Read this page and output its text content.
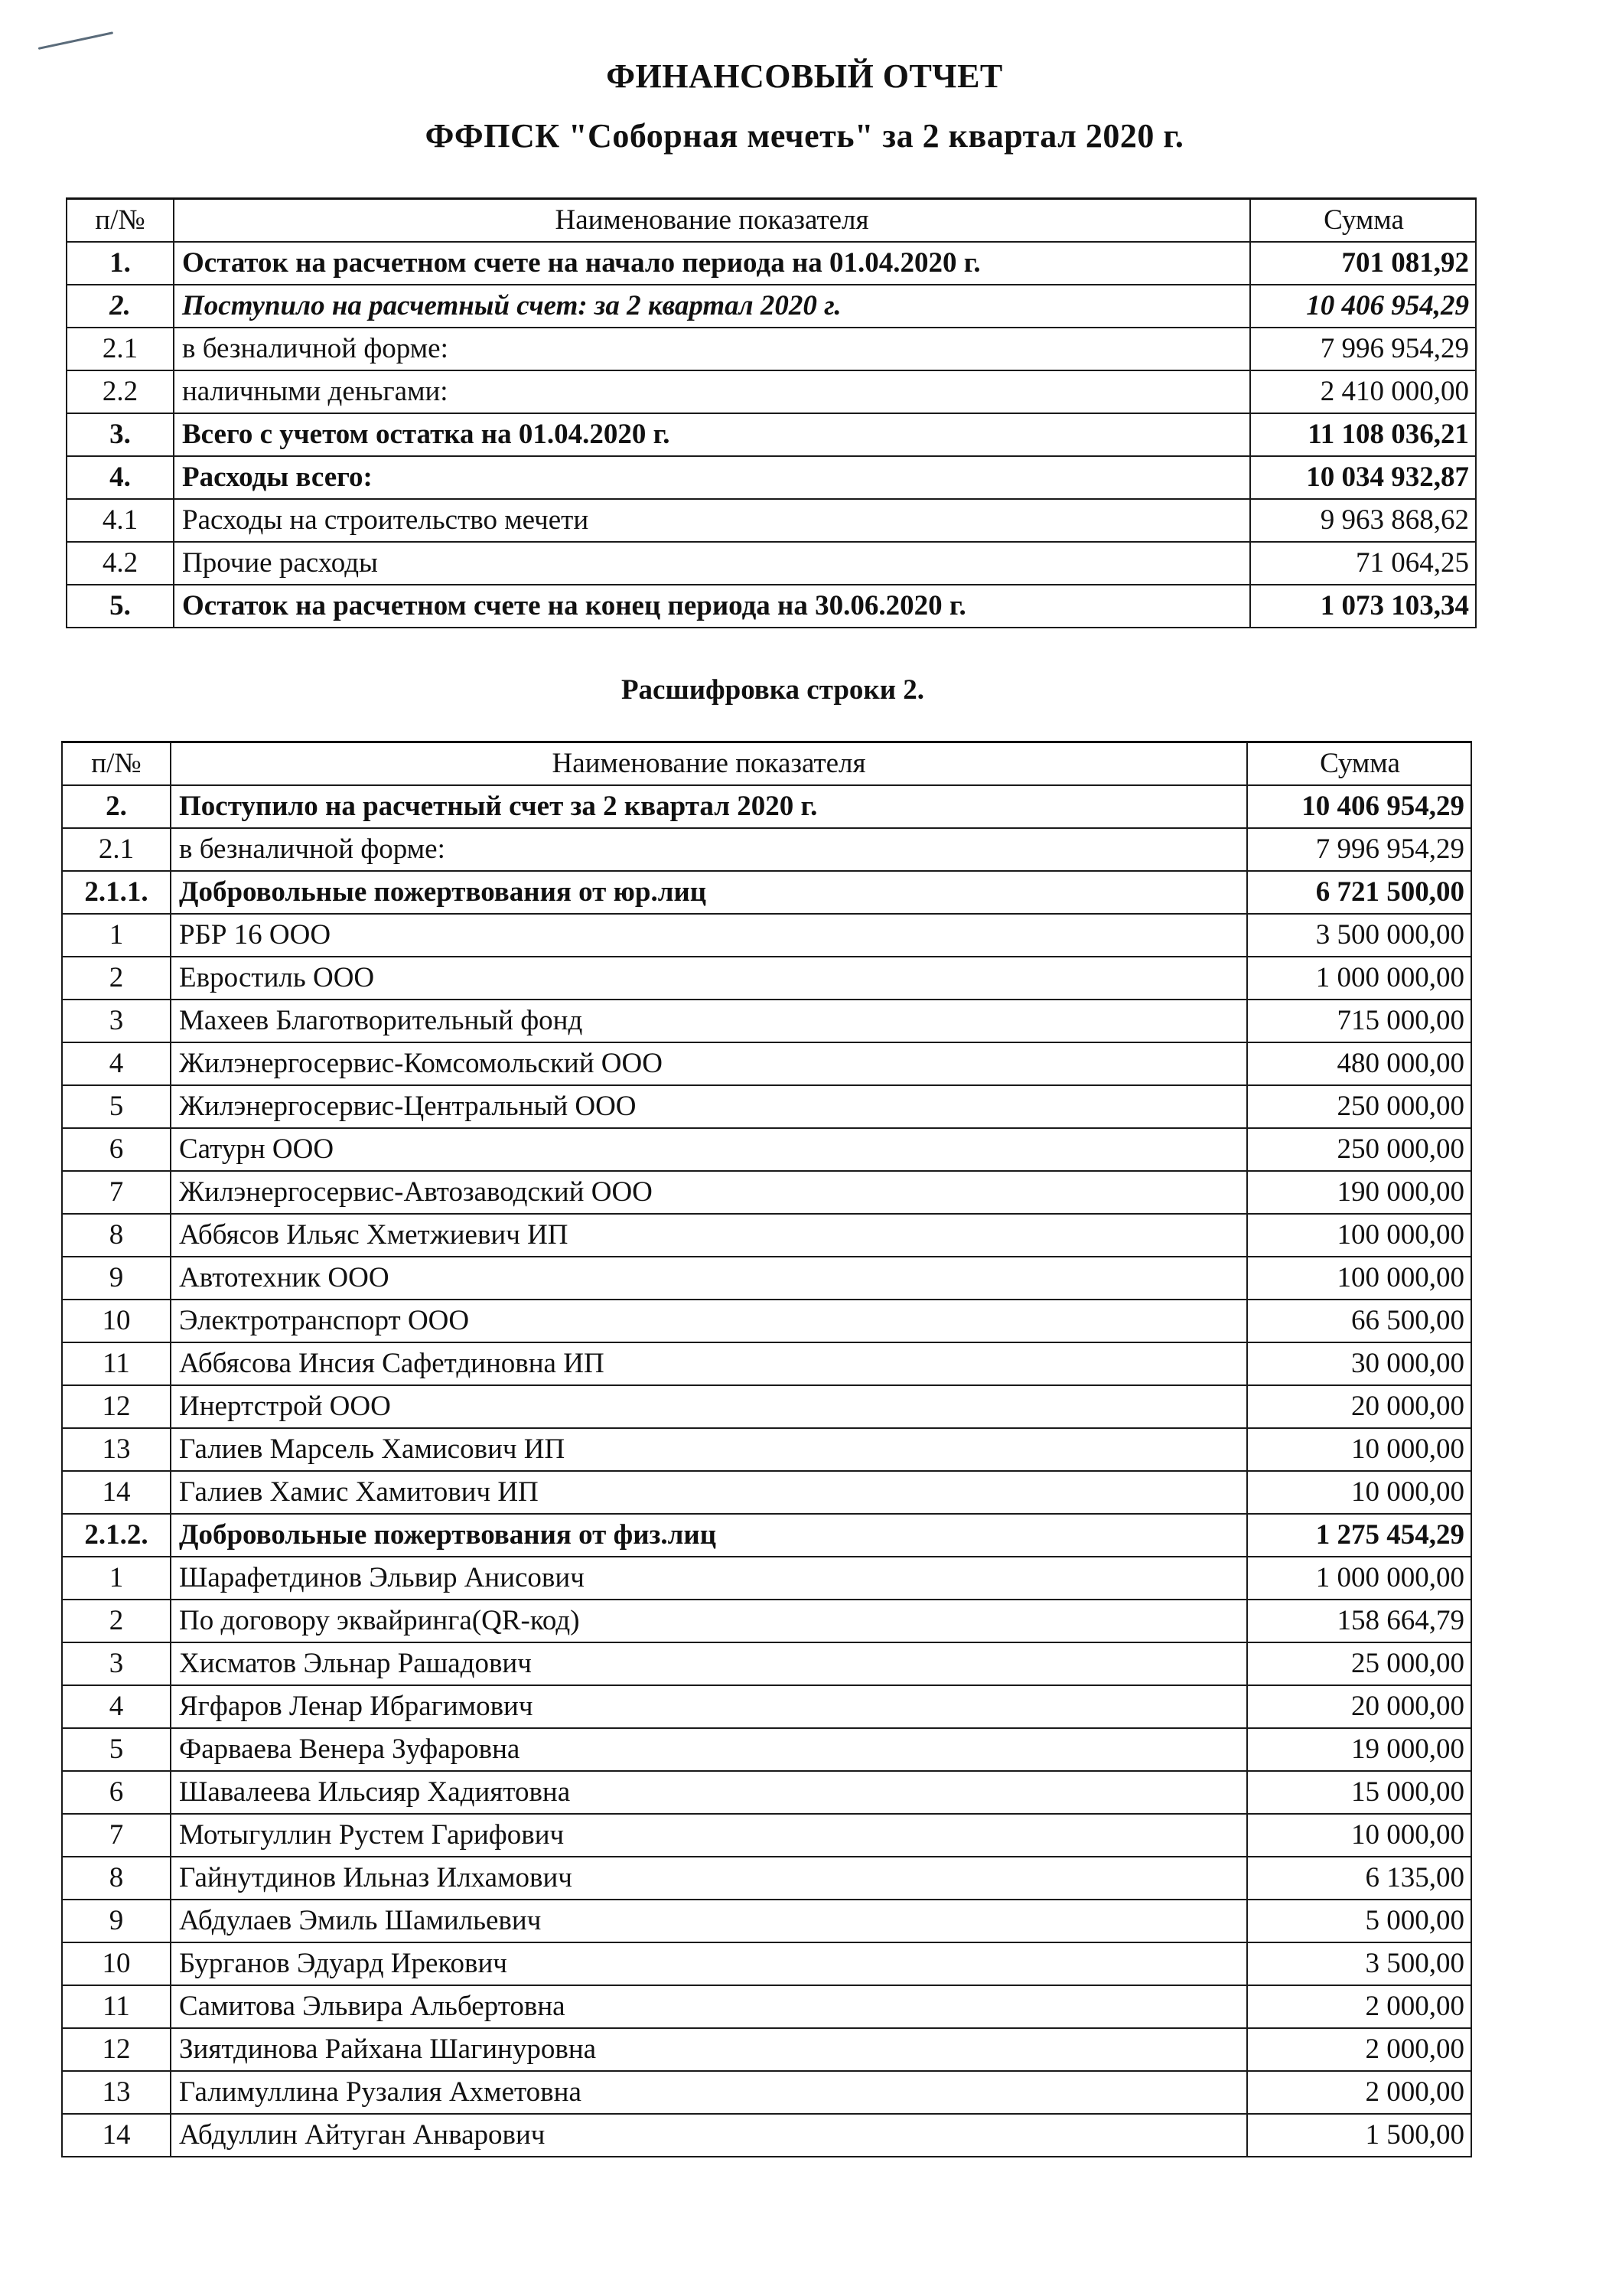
ФИНАНСОВЫЙ ОТЧЕТ
ФФПСК "Соборная мечеть" за 2 квартал 2020 г.
п/№	Наименование показателя	Сумма
1.	Остаток на расчетном счете на начало периода на 01.04.2020 г.	701 081,92
2.	Поступило на расчетный счет: за 2 квартал 2020 г.	10 406 954,29
2.1	в безналичной форме:	7 996 954,29
2.2	наличными деньгами:	2 410 000,00
3.	Всего с учетом остатка на 01.04.2020 г.	11 108 036,21
4.	Расходы всего:	10 034 932,87
4.1	Расходы на строительство мечети	9 963 868,62
4.2	Прочие расходы	71 064,25
5.	Остаток на расчетном счете на конец периода на 30.06.2020 г.	1 073 103,34
Расшифровка строки 2.
п/№	Наименование показателя	Сумма
2.	Поступило на расчетный счет за 2 квартал 2020 г.	10 406 954,29
2.1	в безналичной форме:	7 996 954,29
2.1.1.	Добровольные пожертвования от юр.лиц	6 721 500,00
1	РБР 16 ООО	3 500 000,00
2	Евростиль ООО	1 000 000,00
3	Махеев Благотворительный фонд	715 000,00
4	Жилэнергосервис-Комсомольский ООО	480 000,00
5	Жилэнергосервис-Центральный ООО	250 000,00
6	Сатурн ООО	250 000,00
7	Жилэнергосервис-Автозаводский ООО	190 000,00
8	Аббясов Ильяс Хметжиевич ИП	100 000,00
9	Автотехник ООО	100 000,00
10	Электротранспорт ООО	66 500,00
11	Аббясова Инсия Сафетдиновна ИП	30 000,00
12	Инертстрой ООО	20 000,00
13	Галиев Марсель Хамисович ИП	10 000,00
14	Галиев Хамис Хамитович ИП	10 000,00
2.1.2.	Добровольные пожертвования от физ.лиц	1 275 454,29
1	Шарафетдинов Эльвир Анисович	1 000 000,00
2	По договору эквайринга(QR-код)	158 664,79
3	Хисматов Эльнар Рашадович	25 000,00
4	Ягфаров Ленар Ибрагимович	20 000,00
5	Фарваева Венера Зуфаровна	19 000,00
6	Шавалеева Ильсияр Хадиятовна	15 000,00
7	Мотыгуллин Рустем Гарифович	10 000,00
8	Гайнутдинов Ильназ Илхамович	6 135,00
9	Абдулаев Эмиль Шамильевич	5 000,00
10	Бурганов Эдуард Ирекович	3 500,00
11	Самитова Эльвира Альбертовна	2 000,00
12	Зиятдинова Райхана Шагинуровна	2 000,00
13	Галимуллина Рузалия Ахметовна	2 000,00
14	Абдуллин Айтуган Анварович	1 500,00
